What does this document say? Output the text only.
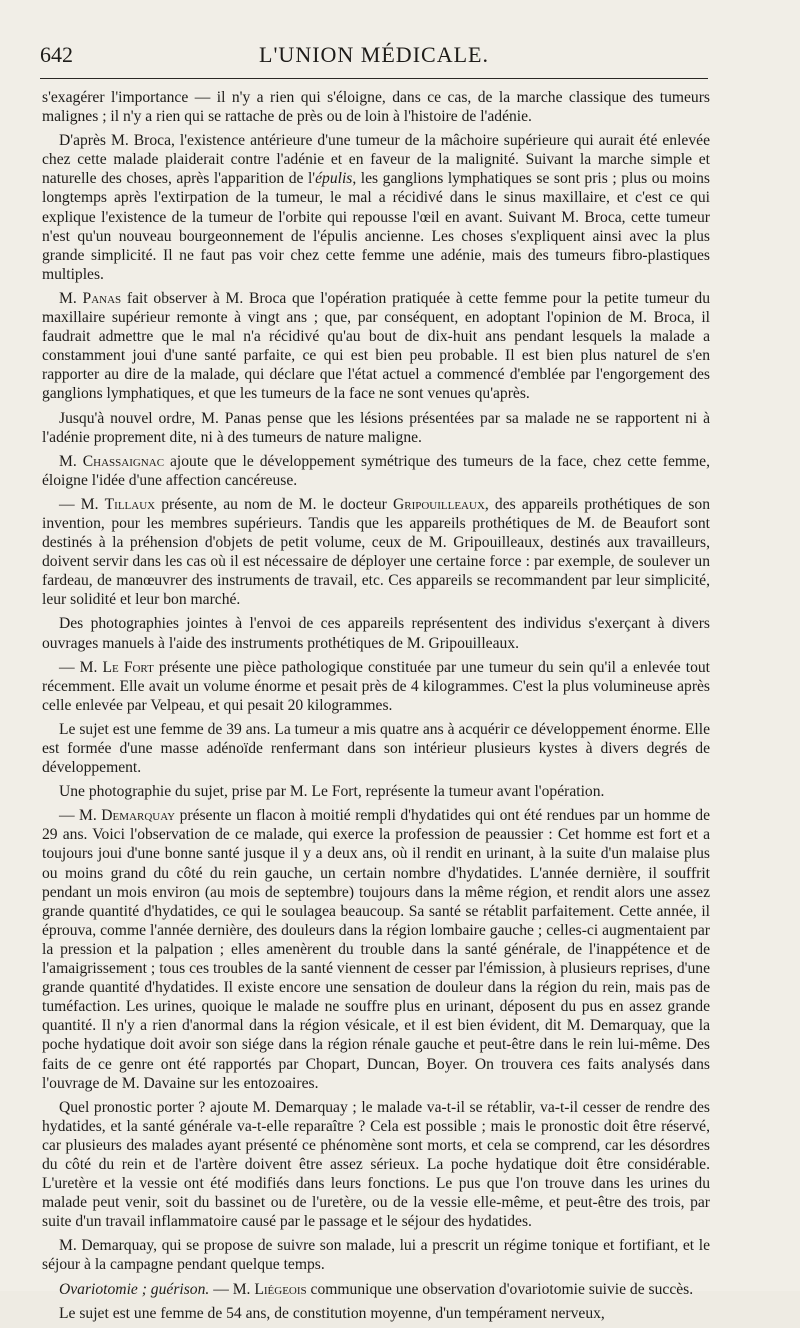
642	L'UNION MÉDICALE.

s'exagérer l'importance — il n'y a rien qui s'éloigne, dans ce cas, de la marche classique des tumeurs malignes ; il n'y a rien qui se rattache de près ou de loin à l'histoire de l'adénie.

D'après M. Broca, l'existence antérieure d'une tumeur de la mâchoire supérieure qui aurait été enlevée chez cette malade plaiderait contre l'adénie et en faveur de la malignité. Suivant la marche simple et naturelle des choses, après l'apparition de l'épulis, les ganglions lymphatiques se sont pris ; plus ou moins longtemps après l'extirpation de la tumeur, le mal a récidivé dans le sinus maxillaire, et c'est ce qui explique l'existence de la tumeur de l'orbite qui repousse l'œil en avant. Suivant M. Broca, cette tumeur n'est qu'un nouveau bourgeonnement de l'épulis ancienne. Les choses s'expliquent ainsi avec la plus grande simplicité. Il ne faut pas voir chez cette femme une adénie, mais des tumeurs fibro-plastiques multiples.

M. Panas fait observer à M. Broca que l'opération pratiquée à cette femme pour la petite tumeur du maxillaire supérieur remonte à vingt ans ; que, par conséquent, en adoptant l'opinion de M. Broca, il faudrait admettre que le mal n'a récidivé qu'au bout de dix-huit ans pendant lesquels la malade a constamment joui d'une santé parfaite, ce qui est bien peu probable. Il est bien plus naturel de s'en rapporter au dire de la malade, qui déclare que l'état actuel a commencé d'emblée par l'engorgement des ganglions lymphatiques, et que les tumeurs de la face ne sont venues qu'après.

Jusqu'à nouvel ordre, M. Panas pense que les lésions présentées par sa malade ne se rapportent ni à l'adénie proprement dite, ni à des tumeurs de nature maligne.

M. Chassaignac ajoute que le développement symétrique des tumeurs de la face, chez cette femme, éloigne l'idée d'une affection cancéreuse.

— M. Tillaux présente, au nom de M. le docteur Gripouilleaux, des appareils prothétiques de son invention, pour les membres supérieurs. Tandis que les appareils prothétiques de M. de Beaufort sont destinés à la préhension d'objets de petit volume, ceux de M. Gripouilleaux, destinés aux travailleurs, doivent servir dans les cas où il est nécessaire de déployer une certaine force : par exemple, de soulever un fardeau, de manœuvrer des instruments de travail, etc. Ces appareils se recommandent par leur simplicité, leur solidité et leur bon marché.

Des photographies jointes à l'envoi de ces appareils représentent des individus s'exerçant à divers ouvrages manuels à l'aide des instruments prothétiques de M. Gripouilleaux.

— M. Le Fort présente une pièce pathologique constituée par une tumeur du sein qu'il a enlevée tout récemment. Elle avait un volume énorme et pesait près de 4 kilogrammes. C'est la plus volumineuse après celle enlevée par Velpeau, et qui pesait 20 kilogrammes.

Le sujet est une femme de 39 ans. La tumeur a mis quatre ans à acquérir ce développement énorme. Elle est formée d'une masse adénoïde renfermant dans son intérieur plusieurs kystes à divers degrés de développement.

Une photographie du sujet, prise par M. Le Fort, représente la tumeur avant l'opération.

— M. Demarquay présente un flacon à moitié rempli d'hydatides qui ont été rendues par un homme de 29 ans. Voici l'observation de ce malade, qui exerce la profession de peaussier : Cet homme est fort et a toujours joui d'une bonne santé jusque il y a deux ans, où il rendit en urinant, à la suite d'un malaise plus ou moins grand du côté du rein gauche, un certain nombre d'hydatides. L'année dernière, il souffrit pendant un mois environ (au mois de septembre) toujours dans la même région, et rendit alors une assez grande quantité d'hydatides, ce qui le soulagea beaucoup. Sa santé se rétablit parfaitement. Cette année, il éprouva, comme l'année dernière, des douleurs dans la région lombaire gauche ; celles-ci augmentaient par la pression et la palpation ; elles amenèrent du trouble dans la santé générale, de l'inappétence et de l'amaigrissement ; tous ces troubles de la santé viennent de cesser par l'émission, à plusieurs reprises, d'une grande quantité d'hydatides. Il existe encore une sensation de douleur dans la région du rein, mais pas de tuméfaction. Les urines, quoique le malade ne souffre plus en urinant, déposent du pus en assez grande quantité. Il n'y a rien d'anormal dans la région vésicale, et il est bien évident, dit M. Demarquay, que la poche hydatique doit avoir son siége dans la région rénale gauche et peut-être dans le rein lui-même. Des faits de ce genre ont été rapportés par Chopart, Duncan, Boyer. On trouvera ces faits analysés dans l'ouvrage de M. Davaine sur les entozoaires.

Quel pronostic porter ? ajoute M. Demarquay ; le malade va-t-il se rétablir, va-t-il cesser de rendre des hydatides, et la santé générale va-t-elle reparaître ? Cela est possible ; mais le pronostic doit être réservé, car plusieurs des malades ayant présenté ce phénomène sont morts, et cela se comprend, car les désordres du côté du rein et de l'artère doivent être assez sérieux. La poche hydatique doit être considérable. L'uretère et la vessie ont été modifiés dans leurs fonctions. Le pus que l'on trouve dans les urines du malade peut venir, soit du bassinet ou de l'uretère, ou de la vessie elle-même, et peut-être des trois, par suite d'un travail inflammatoire causé par le passage et le séjour des hydatides.

M. Demarquay, qui se propose de suivre son malade, lui a prescrit un régime tonique et fortifiant, et le séjour à la campagne pendant quelque temps.

Ovariotomie ; guérison. — M. Liégeois communique une observation d'ovariotomie suivie de succès.

Le sujet est une femme de 54 ans, de constitution moyenne, d'un tempérament nerveux,
